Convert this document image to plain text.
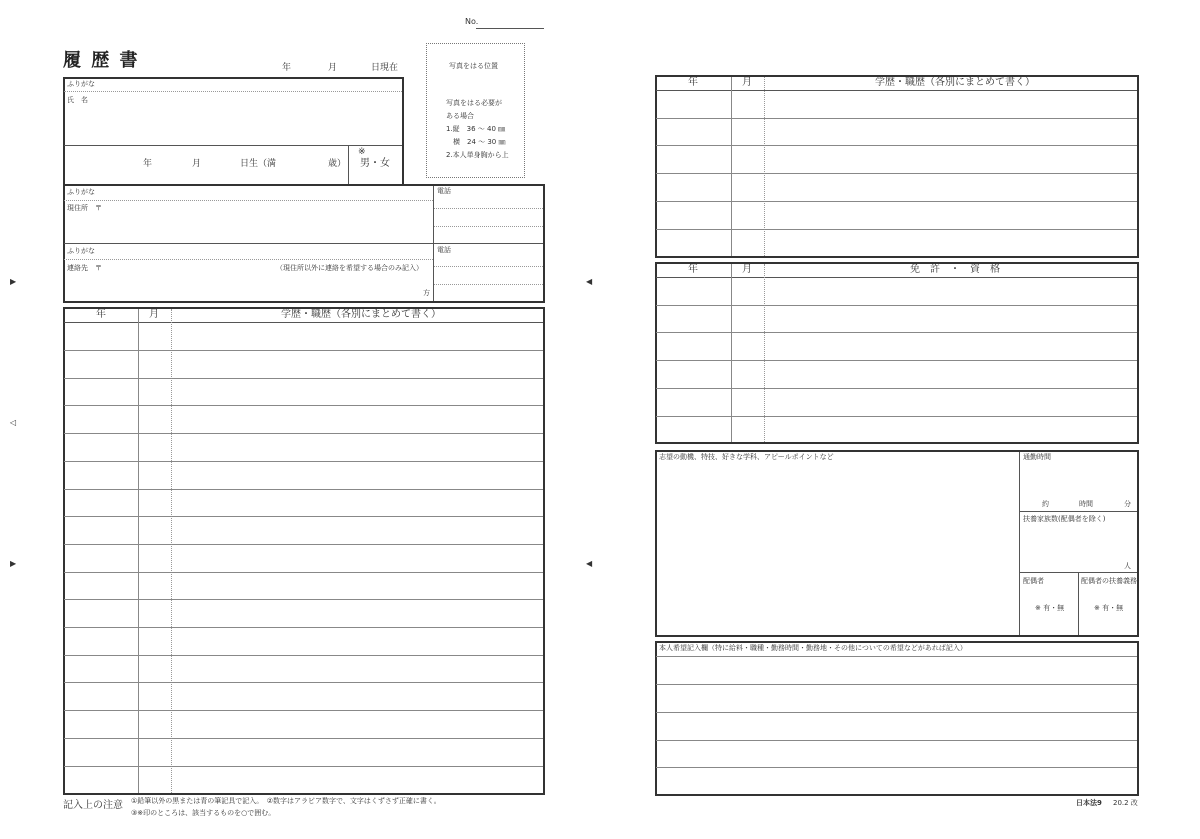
No.
履 歴 書	年	月	日現在	写真をはる位置
写真をはる必要が
ある場合
1.縦　36 ～ 40 ㎜
　横　24 ～ 30 ㎜
2.本人単身胸から上
ふりがな
氏　名
年	月	日生（満	歳）
※
男・女
ふりがな
現住所　〒
電話
ふりがな
連絡先　〒	（現住所以外に連絡を希望する場合のみ記入）
方
電話
年	月	学歴・職歴（各別にまとめて書く）
記入上の注意 ①鉛筆以外の黒または青の筆記具で記入。　②数字はアラビア数字で、文字はくずさず正確に書く。
③※印のところは、該当するものを○で囲む。
▶
◁
▶
◀
◀
年	月	学歴・職歴（各別にまとめて書く）
年	月	免　許　・　資　格
志望の動機、特技、好きな学科、アピールポイントなど	通勤時間
約	時間	分
扶養家族数(配偶者を除く)
人
配偶者
※ 有・無
配偶者の扶養義務
※ 有・無
本人希望記入欄（特に給料・職種・勤務時間・勤務地・その他についての希望などがあれば記入）
日本法9 20.2 改
